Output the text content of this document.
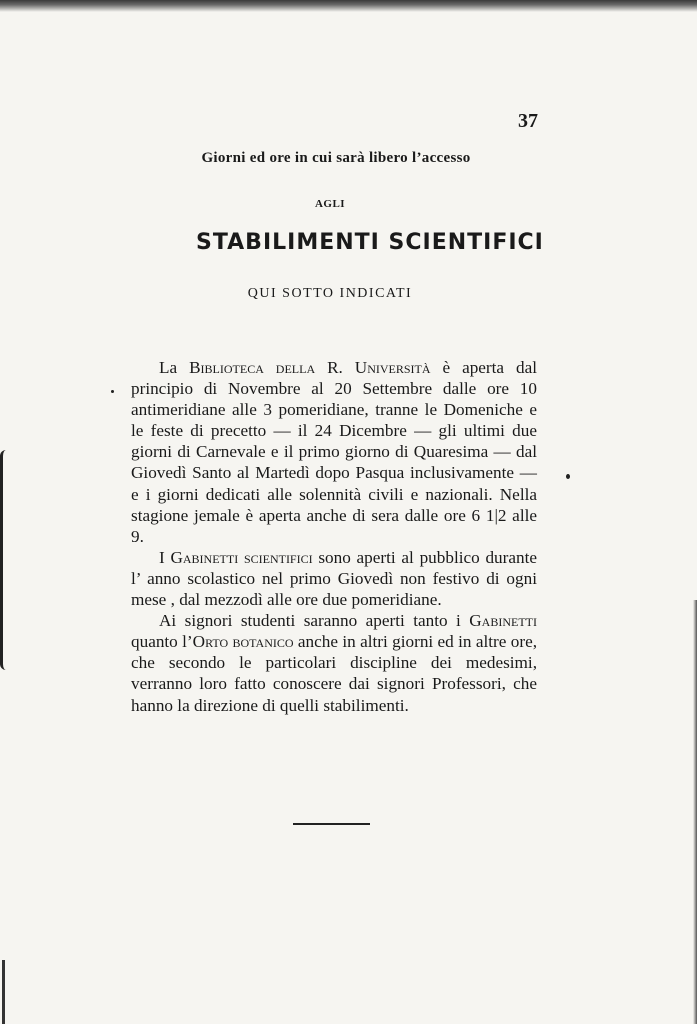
37
Giorni ed ore in cui sarà libero l’accesso
AGLI
STABILIMENTI SCIENTIFICI
QUI SOTTO INDICATI

La Biblioteca della R. Università è aperta dal principio di Novembre al 20 Settembre dalle ore 10 antimeridiane alle 3 pomeridiane, tranne le Domeniche e le feste di precetto — il 24 Dicembre — gli ultimi due giorni di Carnevale e il primo giorno di Quaresima — dal Giovedì Santo al Martedì dopo Pasqua inclusivamente — e i giorni dedicati alle solennità civili e nazionali. Nella stagione jemale è aperta anche di sera dalle ore 6 1|2 alle 9.

I Gabinetti scientifici sono aperti al pubblico durante l’ anno scolastico nel primo Giovedì non festivo di ogni mese , dal mezzodì alle ore due pomeridiane.

Ai signori studenti saranno aperti tanto i Gabinetti quanto l’Orto botanico anche in altri giorni ed in altre ore, che secondo le particolari discipline dei medesimi, verranno loro fatto conoscere dai signori Professori, che hanno la direzione di quelli stabilimenti.
